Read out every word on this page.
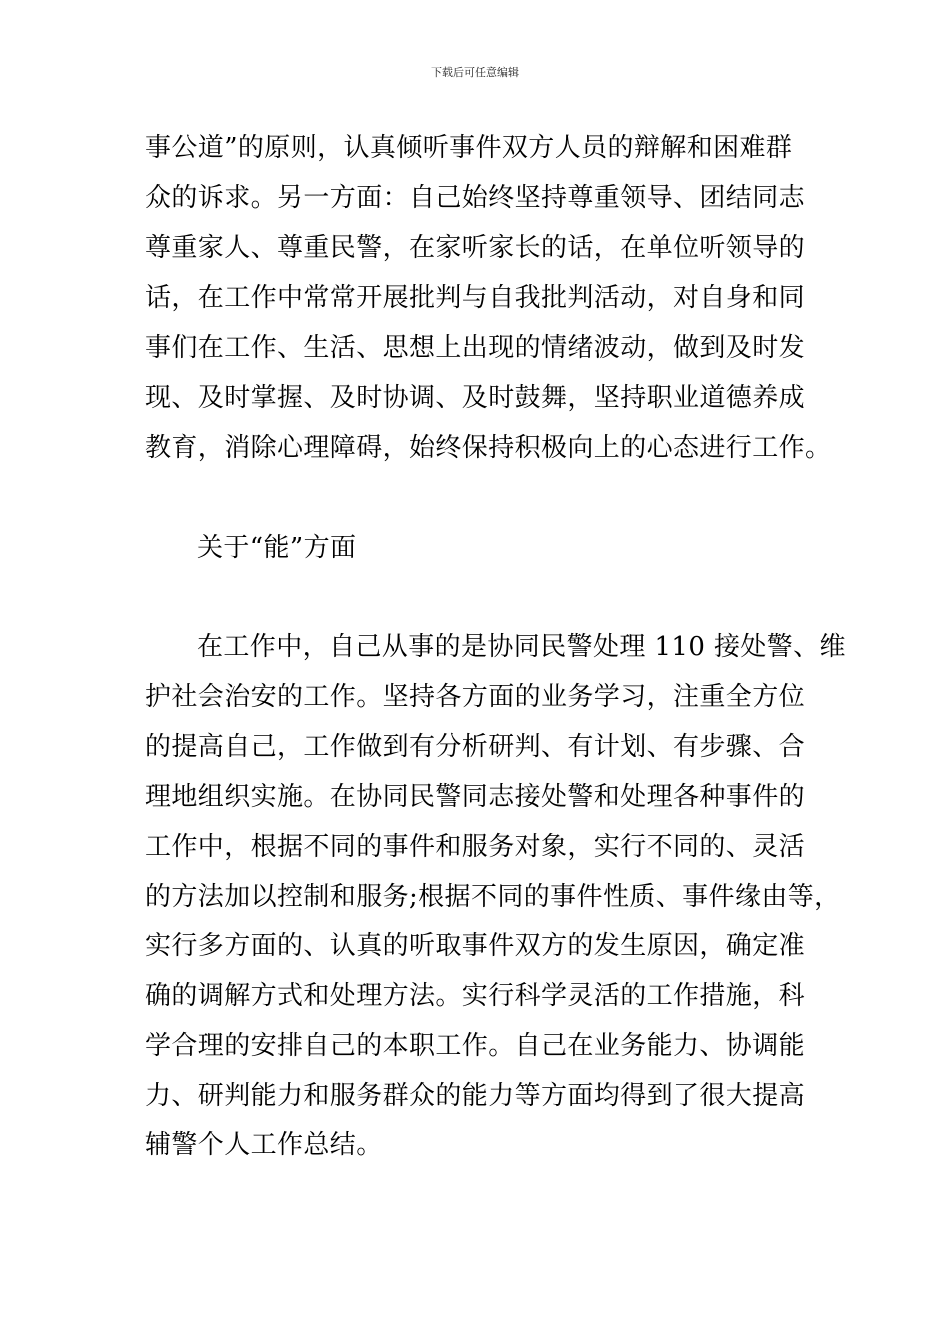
下载后可任意编辑
事公道”的原则，认真倾听事件双方人员的辩解和困难群
众的诉求。另一方面：自己始终坚持尊重领导、团结同志
尊重家人、尊重民警，在家听家长的话，在单位听领导的
话，在工作中常常开展批判与自我批判活动，对自身和同
事们在工作、生活、思想上出现的情绪波动，做到及时发
现、及时掌握、及时协调、及时鼓舞，坚持职业道德养成
教育，消除心理障碍，始终保持积极向上的心态进行工作。
关于“能”方面
在工作中，自己从事的是协同民警处理 110 接处警、维
护社会治安的工作。坚持各方面的业务学习，注重全方位
的提高自己，工作做到有分析研判、有计划、有步骤、合
理地组织实施。在协同民警同志接处警和处理各种事件的
工作中，根据不同的事件和服务对象，实行不同的、灵活
的方法加以控制和服务;根据不同的事件性质、事件缘由等，
实行多方面的、认真的听取事件双方的发生原因，确定准
确的调解方式和处理方法。实行科学灵活的工作措施，科
学合理的安排自己的本职工作。自己在业务能力、协调能
力、研判能力和服务群众的能力等方面均得到了很大提高
辅警个人工作总结。
